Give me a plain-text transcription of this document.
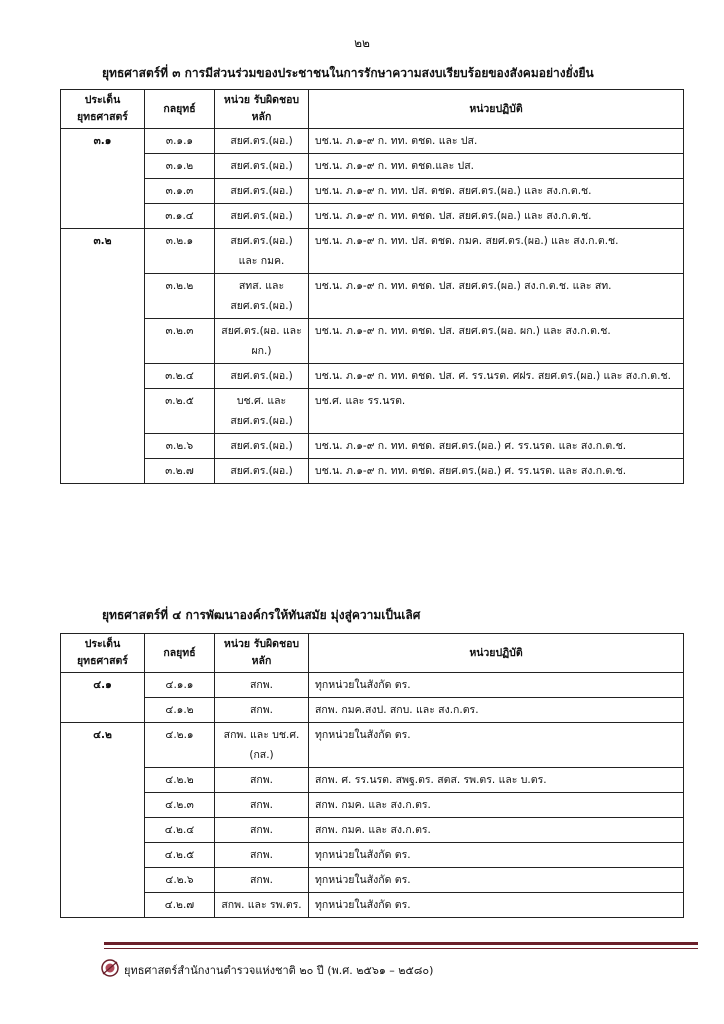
๒๒
ยุทธศาสตร์ที่ ๓ การมีส่วนร่วมของประชาชนในการรักษาความสงบเรียบร้อยของสังคมอย่างยั่งยืน
ประเด็น ยุทธศาสตร์	กลยุทธ์	หน่วย รับผิดชอบหลัก	หน่วยปฏิบัติ
๓.๑	๓.๑.๑	สยศ.ตร.(ผอ.)	บช.น. ภ.๑-๙ ก. ทท. ตชด. และ ปส.
	๓.๑.๒	สยศ.ตร.(ผอ.)	บช.น. ภ.๑-๙ ก. ทท. ตชด.และ ปส.
	๓.๑.๓	สยศ.ตร.(ผอ.)	บช.น. ภ.๑-๙ ก. ทท. ปส. ตชด. สยศ.ตร.(ผอ.) และ สง.ก.ต.ช.
	๓.๑.๔	สยศ.ตร.(ผอ.)	บช.น. ภ.๑-๙ ก. ทท. ตชด. ปส. สยศ.ตร.(ผอ.) และ สง.ก.ต.ช.
๓.๒	๓.๒.๑	สยศ.ตร.(ผอ.) และ กมค.	บช.น. ภ.๑-๙ ก. ทท. ปส. ตชด. กมค. สยศ.ตร.(ผอ.) และ สง.ก.ต.ช.
	๓.๒.๒	สทส. และ สยศ.ตร.(ผอ.)	บช.น. ภ.๑-๙ ก. ทท. ตชด. ปส. สยศ.ตร.(ผอ.) สง.ก.ต.ช. และ สท.
	๓.๒.๓	สยศ.ตร.(ผอ. และ ผก.)	บช.น. ภ.๑-๙ ก. ทท. ตชด. ปส. สยศ.ตร.(ผอ. ผก.) และ สง.ก.ต.ช.
	๓.๒.๔	สยศ.ตร.(ผอ.)	บช.น. ภ.๑-๙ ก. ทท. ตชด. ปส. ศ. รร.นรต. ศฝร. สยศ.ตร.(ผอ.) และ สง.ก.ต.ช.
	๓.๒.๕	บช.ศ. และ สยศ.ตร.(ผอ.)	บช.ศ. และ รร.นรต.
	๓.๒.๖	สยศ.ตร.(ผอ.)	บช.น. ภ.๑-๙ ก. ทท. ตชด. สยศ.ตร.(ผอ.) ศ. รร.นรต. และ สง.ก.ต.ช.
	๓.๒.๗	สยศ.ตร.(ผอ.)	บช.น. ภ.๑-๙ ก. ทท. ตชด. สยศ.ตร.(ผอ.) ศ. รร.นรต. และ สง.ก.ต.ช.
ยุทธศาสตร์ที่ ๔ การพัฒนาองค์กรให้ทันสมัย มุ่งสู่ความเป็นเลิศ
ประเด็น ยุทธศาสตร์	กลยุทธ์	หน่วย รับผิดชอบหลัก	หน่วยปฏิบัติ
๔.๑	๔.๑.๑	สกพ.	ทุกหน่วยในสังกัด ตร.
	๔.๑.๒	สกพ.	สกพ. กมค.สงป. สกบ. และ สง.ก.ตร.
๔.๒	๔.๒.๑	สกพ. และ บช.ศ. (กส.)	ทุกหน่วยในสังกัด ตร.
	๔.๒.๒	สกพ.	สกพ. ศ. รร.นรต. สพฐ.ตร. สตส. รพ.ตร. และ บ.ตร.
	๔.๒.๓	สกพ.	สกพ. กมค. และ สง.ก.ตร.
	๔.๒.๔	สกพ.	สกพ. กมค. และ สง.ก.ตร.
	๔.๒.๕	สกพ.	ทุกหน่วยในสังกัด ตร.
	๔.๒.๖	สกพ.	ทุกหน่วยในสังกัด ตร.
	๔.๒.๗	สกพ. และ รพ.ตร.	ทุกหน่วยในสังกัด ตร.
ยุทธศาสตร์สำนักงานตำรวจแห่งชาติ ๒๐ ปี (พ.ศ. ๒๕๖๑ – ๒๕๘๐)
